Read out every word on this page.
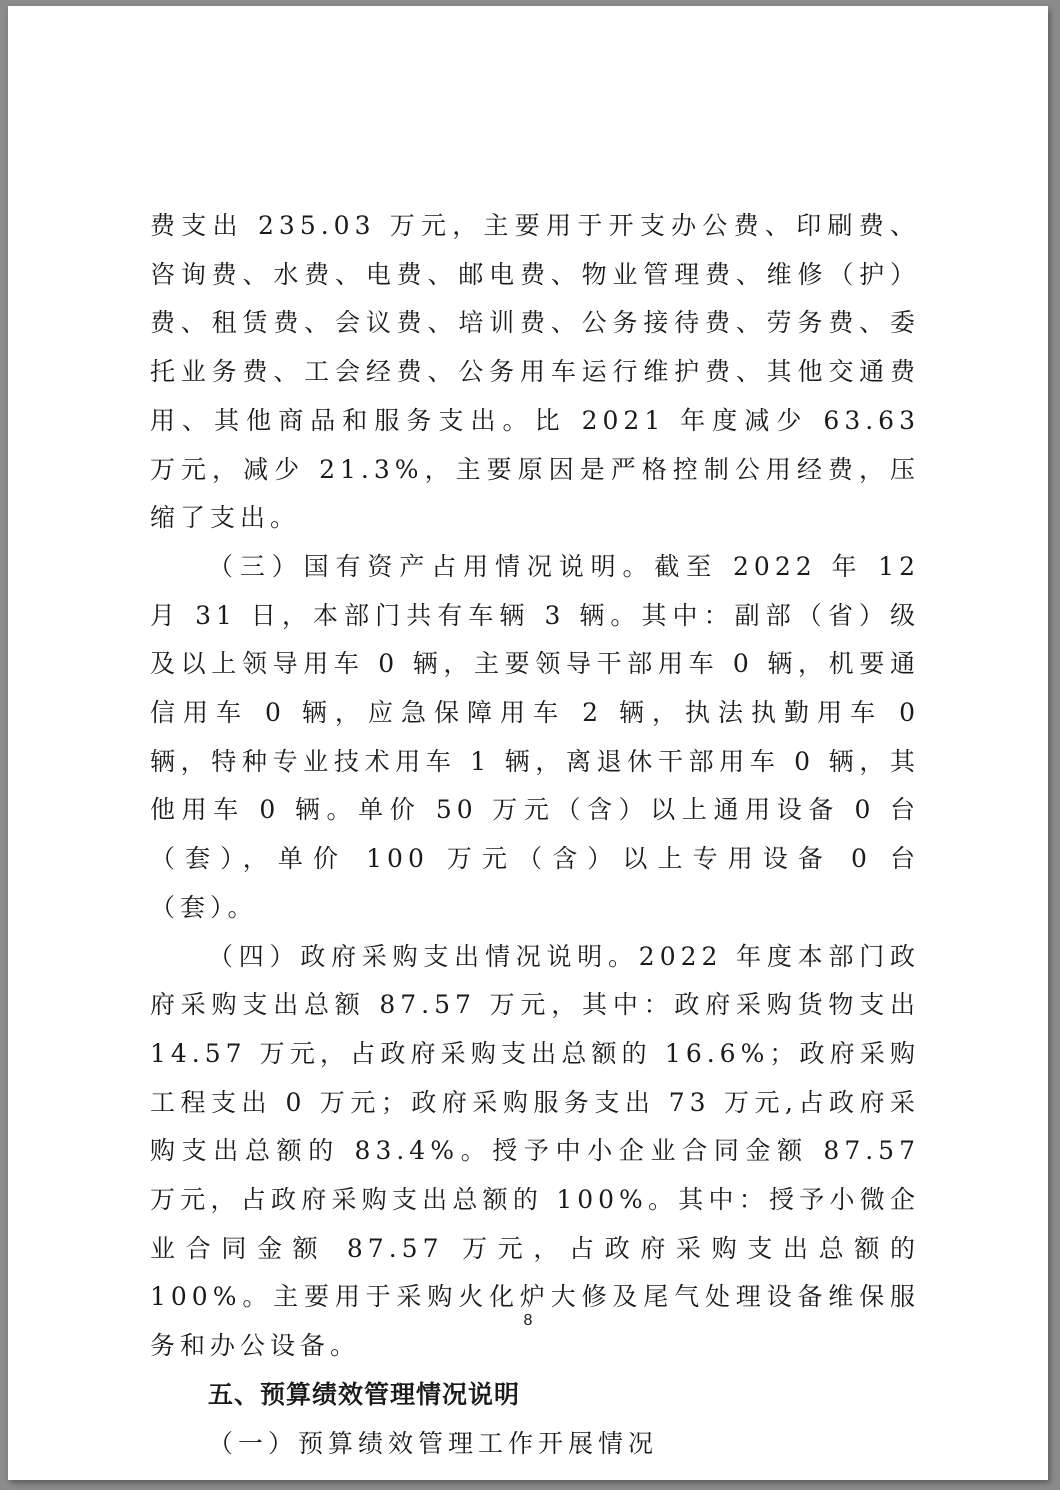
费支出 235.03 万元，主要用于开支办公费、印刷费、咨询费、水费、电费、邮电费、物业管理费、维修（护）费、租赁费、会议费、培训费、公务接待费、劳务费、委托业务费、工会经费、公务用车运行维护费、其他交通费用、其他商品和服务支出。比 2021 年度减少 63.63 万元，减少 21.3%，主要原因是严格控制公用经费，压缩了支出。

（三）国有资产占用情况说明。截至 2022 年 12 月 31 日，本部门共有车辆 3 辆。其中：副部（省）级及以上领导用车 0 辆，主要领导干部用车 0 辆，机要通信用车 0 辆，应急保障用车 2 辆，执法执勤用车 0 辆，特种专业技术用车 1 辆，离退休干部用车 0 辆，其他用车 0 辆。单价 50 万元（含）以上通用设备 0 台（套），单价 100 万元（含）以上专用设备 0 台（套）。

（四）政府采购支出情况说明。2022 年度本部门政府采购支出总额 87.57 万元，其中：政府采购货物支出 14.57 万元，占政府采购支出总额的 16.6%；政府采购工程支出 0 万元；政府采购服务支出 73 万元,占政府采购支出总额的 83.4%。授予中小企业合同金额 87.57 万元，占政府采购支出总额的 100%。其中：授予小微企业合同金额 87.57 万元，占政府采购支出总额的 100%。主要用于采购火化炉大修及尾气处理设备维保服务和办公设备。

五、预算绩效管理情况说明

（一）预算绩效管理工作开展情况

8
